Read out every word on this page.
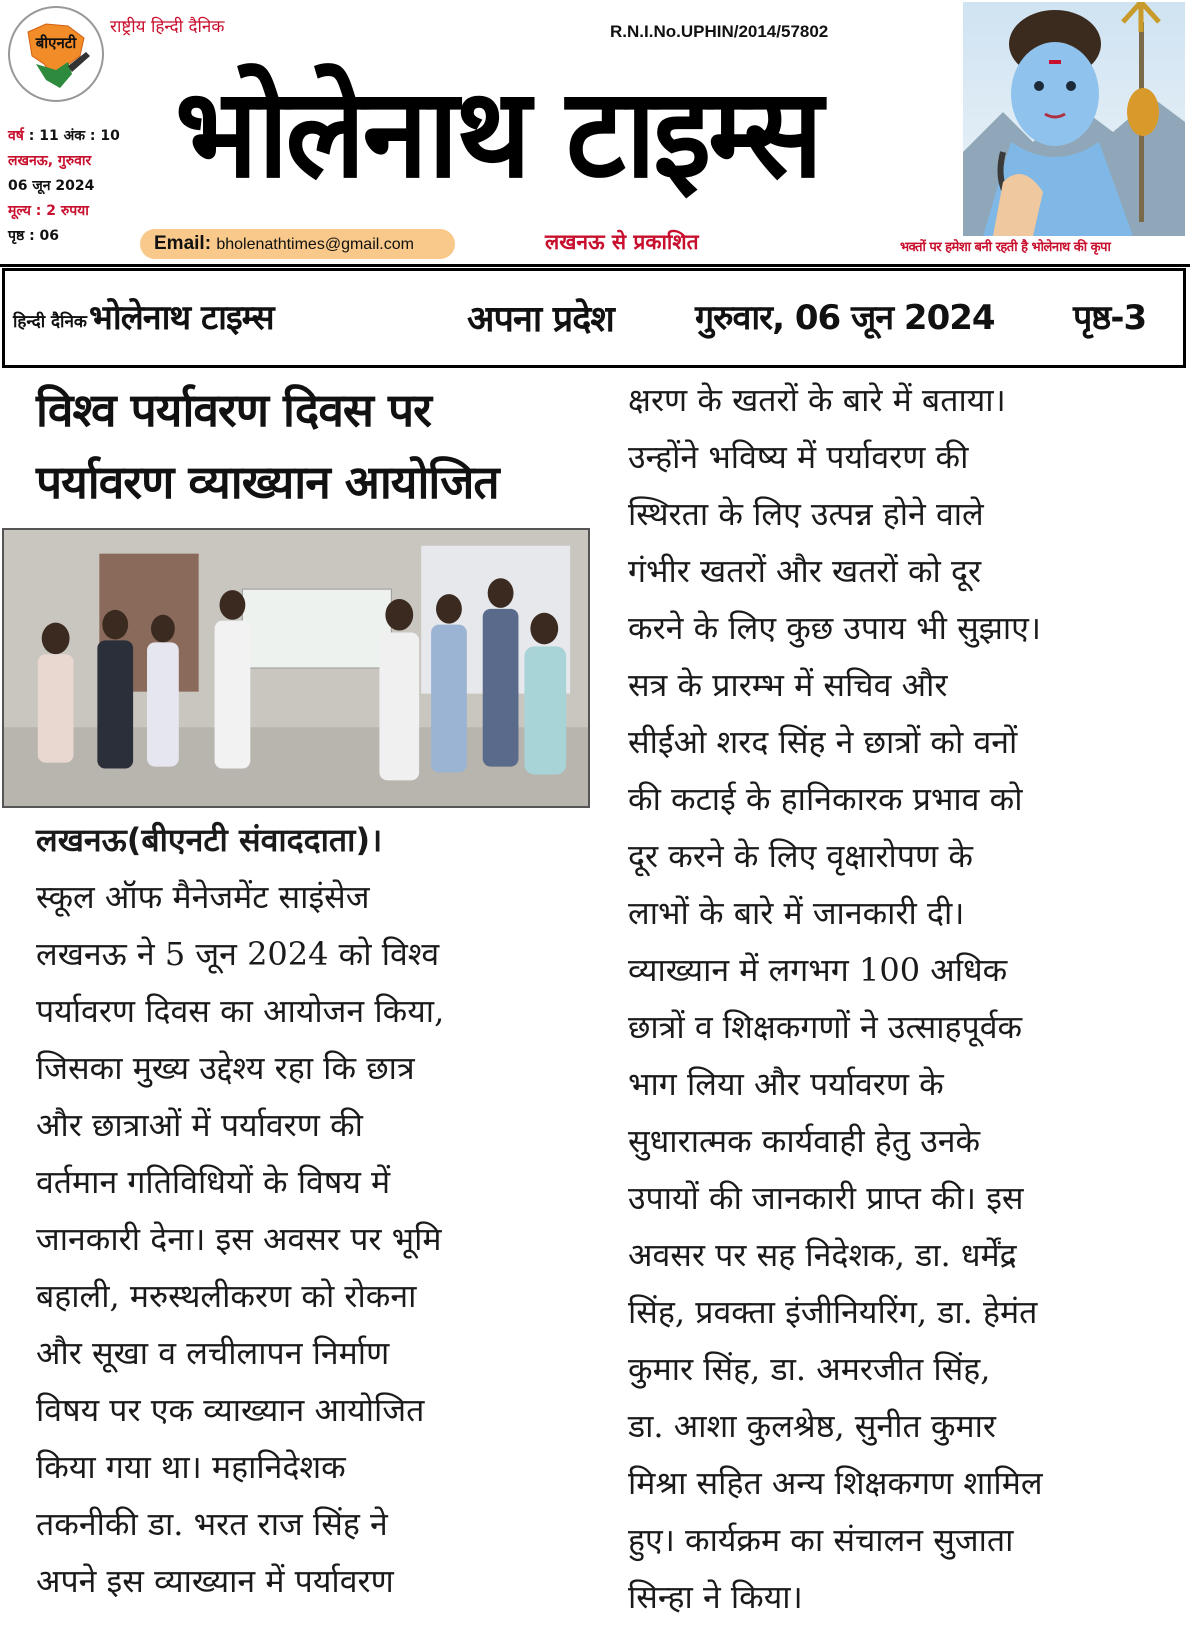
बीएनटी
राष्ट्रीय हिन्दी दैनिक	R.N.I.No.UPHIN/2014/57802
भोलेनाथ टाइम्स
वर्ष : 11 अंक : 10
लखनऊ, गुरुवार
06 जून 2024
मूल्य : 2 रुपया
पृष्ठ : 06	Email: bholenathtimes@gmail.com	लखनऊ से प्रकाशित	भक्तों पर हमेशा बनी रहती है भोलेनाथ की कृपा
हिन्दी दैनिक भोलेनाथ टाइम्स	अपना प्रदेश गुरुवार, 06 जून 2024 पृष्ठ-3
विश्व पर्यावरण दिवस पर
पर्यावरण व्याख्यान आयोजित
लखनऊ(बीएनटी संवाददाता)।
स्कूल ऑफ मैनेजमेंट साइंसेज
लखनऊ ने 5 जून 2024 को विश्व
पर्यावरण दिवस का आयोजन किया,
जिसका मुख्य उद्देश्य रहा कि छात्र
और छात्राओं में पर्यावरण की
वर्तमान गतिविधियों के विषय में
जानकारी देना। इस अवसर पर भूमि
बहाली, मरुस्थलीकरण को रोकना
और सूखा व लचीलापन निर्माण
विषय पर एक व्याख्यान आयोजित
किया गया था। महानिदेशक
तकनीकी डा. भरत राज सिंह ने
अपने इस व्याख्यान में पर्यावरण
क्षरण के खतरों के बारे में बताया।
उन्होंने भविष्य में पर्यावरण की
स्थिरता के लिए उत्पन्न होने वाले
गंभीर खतरों और खतरों को दूर
करने के लिए कुछ उपाय भी सुझाए।
सत्र के प्रारम्भ में सचिव और
सीईओ शरद सिंह ने छात्रों को वनों
की कटाई के हानिकारक प्रभाव को
दूर करने के लिए वृक्षारोपण के
लाभों के बारे में जानकारी दी।
व्याख्यान में लगभग 100 अधिक
छात्रों व शिक्षकगणों ने उत्साहपूर्वक
भाग लिया और पर्यावरण के
सुधारात्मक कार्यवाही हेतु उनके
उपायों की जानकारी प्राप्त की। इस
अवसर पर सह निदेशक, डा. धर्मेंद्र
सिंह, प्रवक्ता इंजीनियरिंग, डा. हेमंत
कुमार सिंह, डा. अमरजीत सिंह,
डा. आशा कुलश्रेष्ठ, सुनीत कुमार
मिश्रा सहित अन्य शिक्षकगण शामिल
हुए। कार्यक्रम का संचालन सुजाता
सिन्हा ने किया।
